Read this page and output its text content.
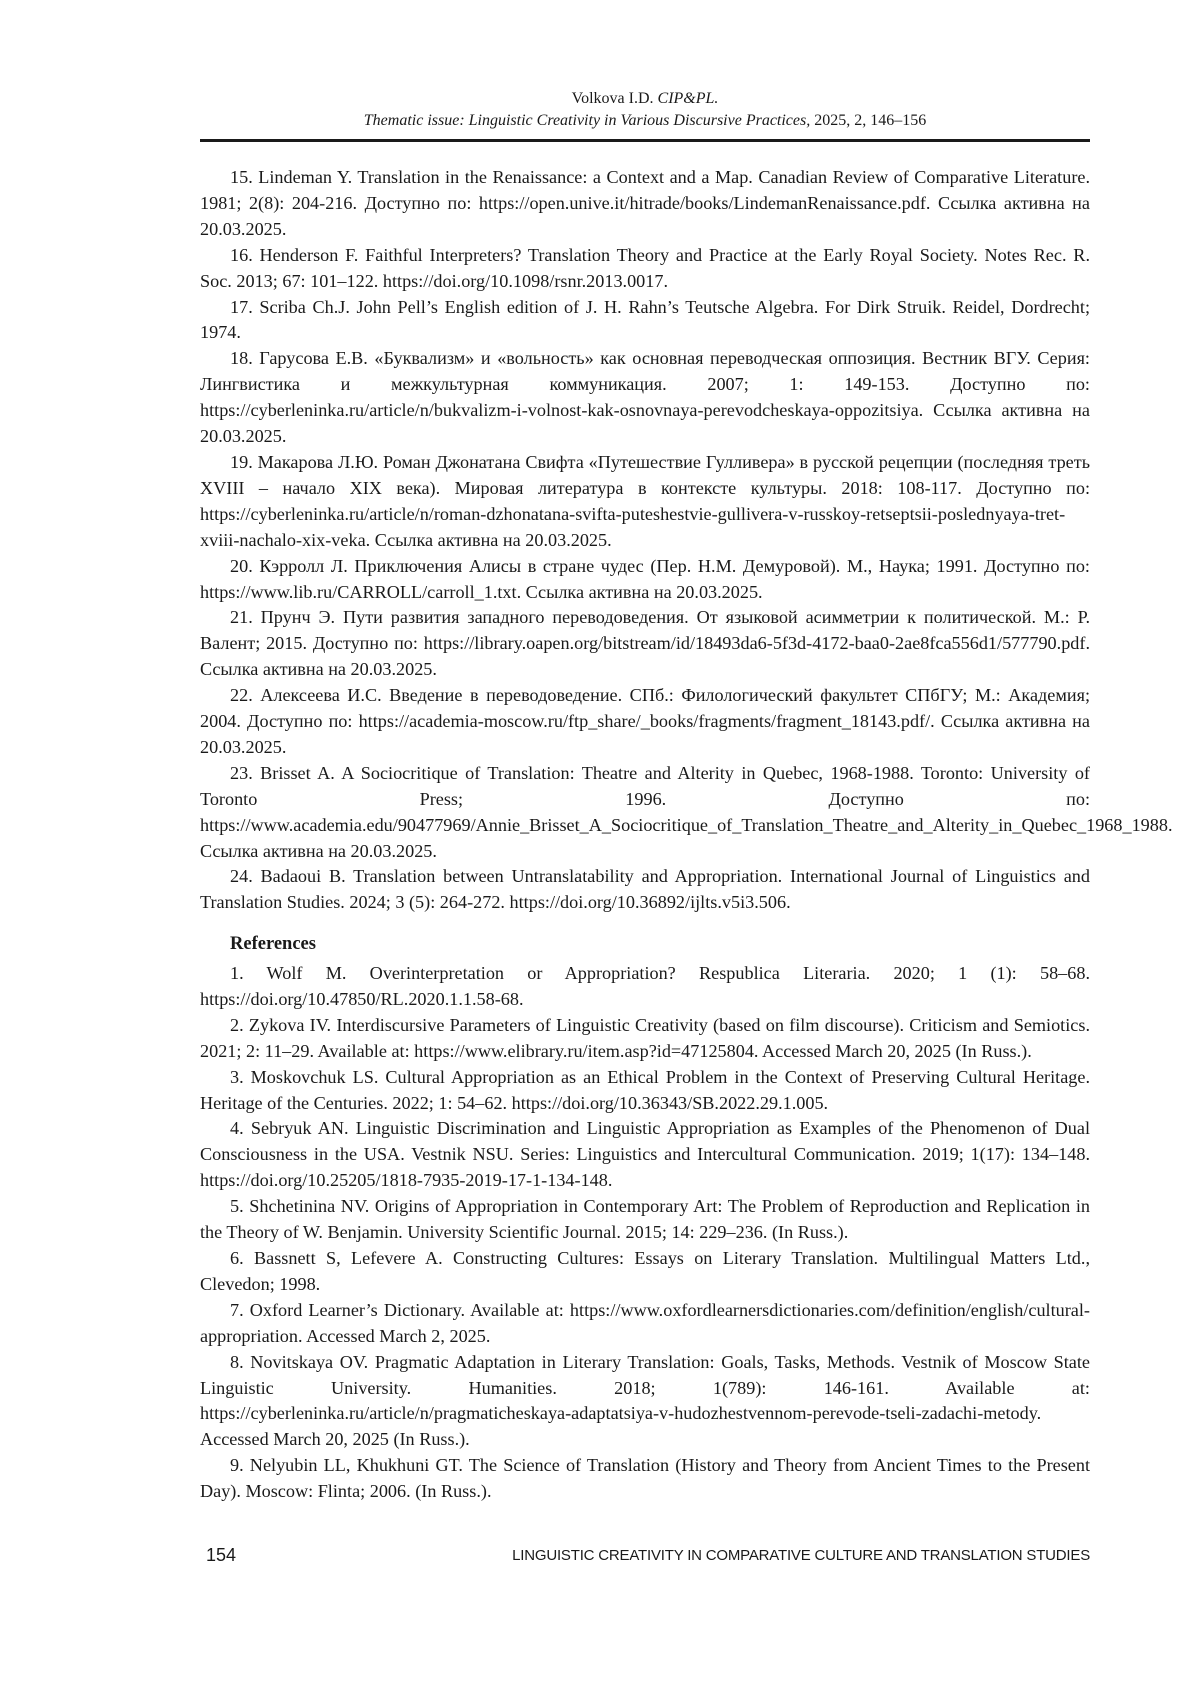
Volkova I.D. CIP&PL.
Thematic issue: Linguistic Creativity in Various Discursive Practices, 2025, 2, 146–156

15. Lindeman Y. Translation in the Renaissance: a Context and a Map. Canadian Review of Comparative Literature. 1981; 2(8): 204-216. Доступно по: https://open.unive.it/hitrade/books/LindemanRenaissance.pdf. Ссылка активна на 20.03.2025.

16. Henderson F. Faithful Interpreters? Translation Theory and Practice at the Early Royal Society. Notes Rec. R. Soc. 2013; 67: 101–122. https://doi.org/10.1098/rsnr.2013.0017.

17. Scriba Ch.J. John Pell’s English edition of J. H. Rahn’s Teutsche Algebra. For Dirk Struik. Reidel, Dordrecht; 1974.

18. Гарусова Е.В. «Буквализм» и «вольность» как основная переводческая оппозиция. Вестник ВГУ. Серия: Лингвистика и межкультурная коммуникация. 2007; 1: 149-153. Доступно по: https://cyberleninka.ru/article/n/bukvalizm-i-volnost-kak-osnovnaya-perevodcheskaya-oppozitsiya. Ссылка активна на 20.03.2025.

19. Макарова Л.Ю. Роман Джонатана Свифта «Путешествие Гулливера» в русской рецепции (последняя треть XVIII – начало XIX века). Мировая литература в контексте культуры. 2018: 108-117. Доступно по: https://cyberleninka.ru/article/n/roman-dzhonatana-svifta-puteshestvie-gullivera-v-russkoy-retseptsii-poslednyaya-tret-xviii-nachalo-xix-veka. Ссылка активна на 20.03.2025.

20. Кэрролл Л. Приключения Алисы в стране чудес (Пер. Н.М. Демуровой). М., Наука; 1991. Доступно по: https://www.lib.ru/CARROLL/carroll_1.txt. Ссылка активна на 20.03.2025.

21. Прунч Э. Пути развития западного переводоведения. От языковой асимметрии к политической. М.: Р. Валент; 2015. Доступно по: https://library.oapen.org/bitstream/id/18493da6-5f3d-4172-baa0-2ae8fca556d1/577790.pdf. Ссылка активна на 20.03.2025.

22. Алексеева И.С. Введение в переводоведение. СПб.: Филологический факультет СПбГУ; М.: Академия; 2004. Доступно по: https://academia-moscow.ru/ftp_share/_books/fragments/fragment_18143.pdf/. Ссылка активна на 20.03.2025.

23. Brisset A. A Sociocritique of Translation: Theatre and Alterity in Quebec, 1968-1988. Toronto: University of Toronto Press; 1996. Доступно по: https://www.academia.edu/90477969/Annie_Brisset_A_Sociocritique_of_Translation_Theatre_and_Alterity_in_Quebec_1968_1988. Ссылка активна на 20.03.2025.

24. Badaoui B. Translation between Untranslatability and Appropriation. International Journal of Linguistics and Translation Studies. 2024; 3 (5): 264-272. https://doi.org/10.36892/ijlts.v5i3.506.

References

1. Wolf M. Overinterpretation or Appropriation? Respublica Literaria. 2020; 1 (1): 58–68. https://doi.org/10.47850/RL.2020.1.1.58-68.

2. Zykova IV. Interdiscursive Parameters of Linguistic Creativity (based on film discourse). Criticism and Semiotics. 2021; 2: 11–29. Available at: https://www.elibrary.ru/item.asp?id=47125804. Accessed March 20, 2025 (In Russ.).

3. Moskovchuk LS. Cultural Appropriation as an Ethical Problem in the Context of Preserving Cultural Heritage. Heritage of the Centuries. 2022; 1: 54–62. https://doi.org/10.36343/SB.2022.29.1.005.

4. Sebryuk AN. Linguistic Discrimination and Linguistic Appropriation as Examples of the Phenomenon of Dual Consciousness in the USA. Vestnik NSU. Series: Linguistics and Intercultural Communication. 2019; 1(17): 134–148. https://doi.org/10.25205/1818-7935-2019-17-1-134-148.

5. Shchetinina NV. Origins of Appropriation in Contemporary Art: The Problem of Reproduction and Replication in the Theory of W. Benjamin. University Scientific Journal. 2015; 14: 229–236. (In Russ.).

6. Bassnett S, Lefevere A. Constructing Cultures: Essays on Literary Translation. Multilingual Matters Ltd., Clevedon; 1998.

7. Oxford Learner’s Dictionary. Available at: https://www.oxfordlearnersdictionaries.com/definition/english/cultural-appropriation. Accessed March 2, 2025.

8. Novitskaya OV. Pragmatic Adaptation in Literary Translation: Goals, Tasks, Methods. Vestnik of Moscow State Linguistic University. Humanities. 2018; 1(789): 146-161. Available at: https://cyberleninka.ru/article/n/pragmaticheskaya-adaptatsiya-v-hudozhestvennom-perevode-tseli-zadachi-metody. Accessed March 20, 2025 (In Russ.).

9. Nelyubin LL, Khukhuni GT. The Science of Translation (History and Theory from Ancient Times to the Present Day). Moscow: Flinta; 2006. (In Russ.).

154	LINGUISTIC CREATIVITY IN COMPARATIVE CULTURE AND TRANSLATION STUDIES
